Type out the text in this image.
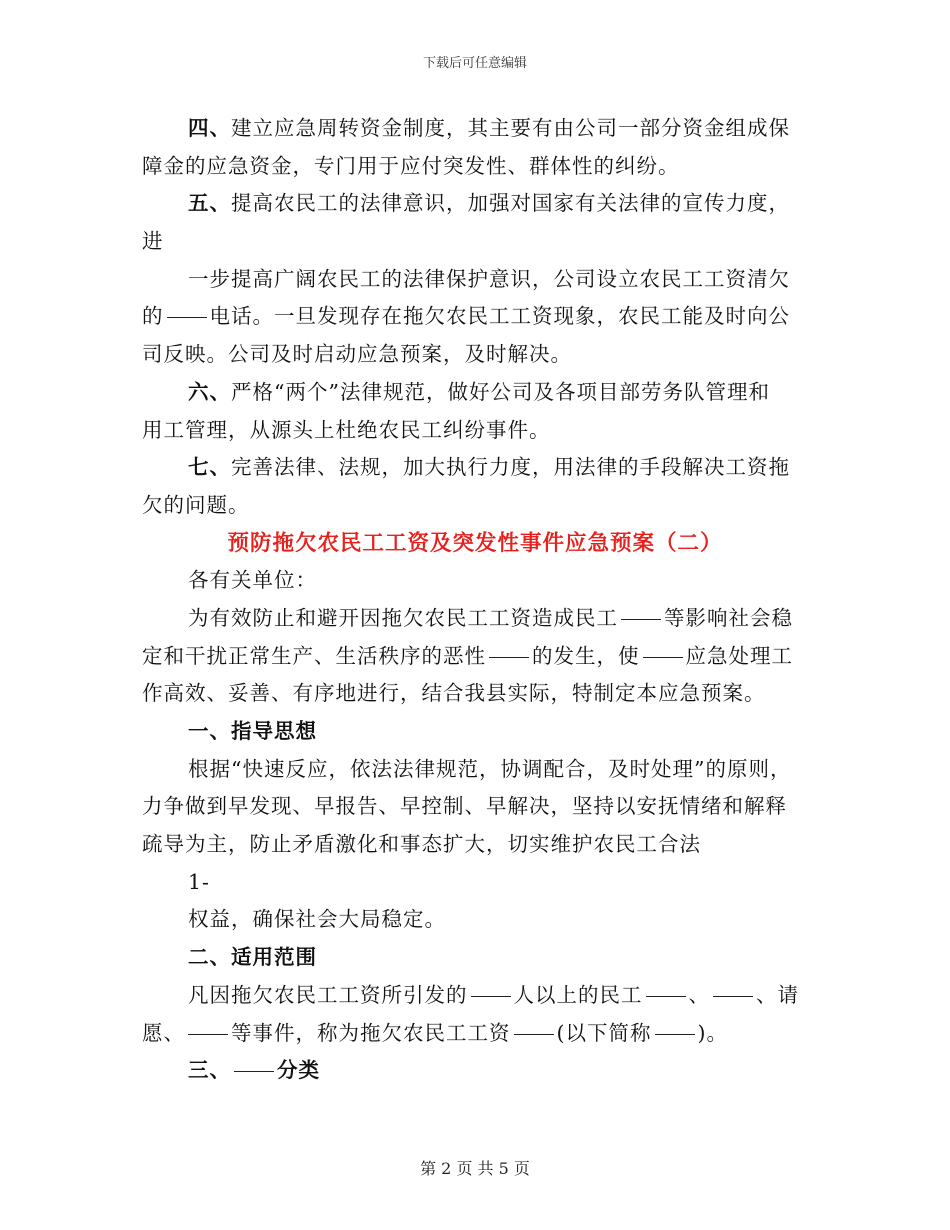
下载后可任意编辑
四、建立应急周转资金制度，其主要有由公司一部分资金组成保
障金的应急资金，专门用于应付突发性、群体性的纠纷。
五、提高农民工的法律意识，加强对国家有关法律的宣传力度，
进
一步提高广阔农民工的法律保护意识，公司设立农民工工资清欠
的 电话。一旦发现存在拖欠农民工工资现象，农民工能及时向公
司反映。公司及时启动应急预案，及时解决。
六、严格“两个”法律规范，做好公司及各项目部劳务队管理和
用工管理，从源头上杜绝农民工纠纷事件。
七、完善法律、法规，加大执行力度，用法律的手段解决工资拖
欠的问题。
预防拖欠农民工工资及突发性事件应急预案（二）
各有关单位：
为有效防止和避开因拖欠农民工工资造成民工 等影响社会稳
定和干扰正常生产、生活秩序的恶性 的发生，使 应急处理工
作高效、妥善、有序地进行，结合我县实际，特制定本应急预案。
一、指导思想
根据“快速反应，依法法律规范，协调配合，及时处理”的原则，
力争做到早发现、早报告、早控制、早解决，坚持以安抚情绪和解释
疏导为主，防止矛盾激化和事态扩大，切实维护农民工合法
1-
权益，确保社会大局稳定。
二、适用范围
凡因拖欠农民工工资所引发的 人以上的民工 、 、请
愿、 等事件，称为拖欠农民工工资 (以下简称 )。
三、 分类
第 2 页 共 5 页
